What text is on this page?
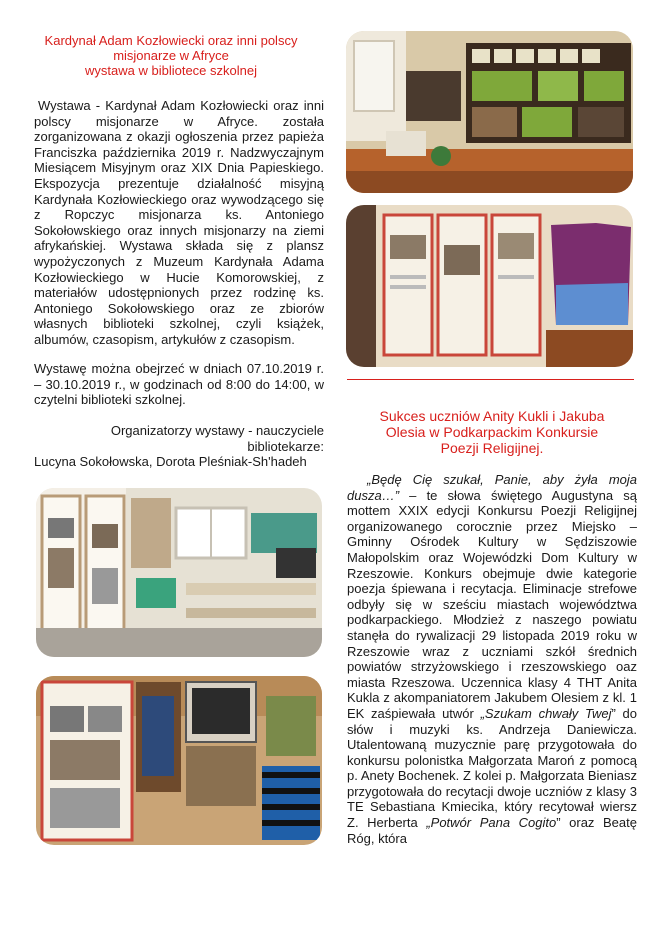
Kardynał Adam Kozłowiecki oraz inni polscy
misjonarze w Afryce
wystawa w bibliotece szkolnej
Wystawa - Kardynał Adam Kozłowiecki oraz inni polscy misjonarze w Afryce. została zorganizowana z okazji ogłoszenia przez papieża Franciszka października 2019 r. Nadzwyczajnym Miesiącem Misyjnym oraz XIX Dnia Papieskiego. Ekspozycja prezentuje działalność misyjną Kardynała Kozłowieckiego oraz wywodzącego się z Ropczyc misjonarza ks. Antoniego Sokołowskiego oraz innych misjonarzy na ziemi afrykańskiej. Wystawa składa się z plansz wypożyczonych z Muzeum Kardynała Adama Kozłowieckiego w Hucie Komorowskiej, z materiałów udostępnionych przez rodzinę ks. Antoniego Sokołowskiego oraz ze zbiorów własnych biblioteki szkolnej, czyli książek, albumów, czasopism, artykułów z czasopism.
Wystawę można obejrzeć w dniach 07.10.2019 r. – 30.10.2019 r., w godzinach od 8:00 do 14:00, w czytelni biblioteki szkolnej.
Organizatorzy wystawy - nauczyciele
bibliotekarze:
Lucyna Sokołowska, Dorota Pleśniak-Sh'hadeh
Sukces uczniów Anity Kukli i Jakuba
Olesia w Podkarpackim Konkursie
Poezji Religijnej.
„Będę Cię szukał, Panie, aby żyła moja dusza…” – te słowa świętego Augustyna są mottem XXIX edycji Konkursu Poezji Religijnej organizowanego corocznie przez Miejsko – Gminny Ośrodek Kultury w Sędziszowie Małopolskim oraz Wojewódzki Dom Kultury w Rzeszowie. Konkurs obejmuje dwie kategorie poezja śpiewana i recytacja. Eliminacje strefowe odbyły się w sześciu miastach województwa podkarpackiego. Młodzież z naszego powiatu stanęła do rywalizacji 29 listopada 2019 roku w Rzeszowie wraz z uczniami szkół średnich powiatów strzyżowskiego i rzeszowskiego oaz miasta Rzeszowa. Uczennica klasy 4 THT Anita Kukla z akompaniatorem Jakubem Olesiem z kl. 1 EK zaśpiewała utwór „Szukam chwały Twej” do słów i muzyki ks. Andrzeja Daniewicza. Utalentowaną muzycznie parę przygotowała do konkursu polonistka Małgorzata Maroń z pomocą p. Anety Bochenek. Z kolei p. Małgorzata Bieniasz przygotowała do recytacji dwoje uczniów z klasy 3 TE Sebastiana Kmiecika, który recytował wiersz Z. Herberta „Potwór Pana Cogito” oraz Beatę Róg, która
